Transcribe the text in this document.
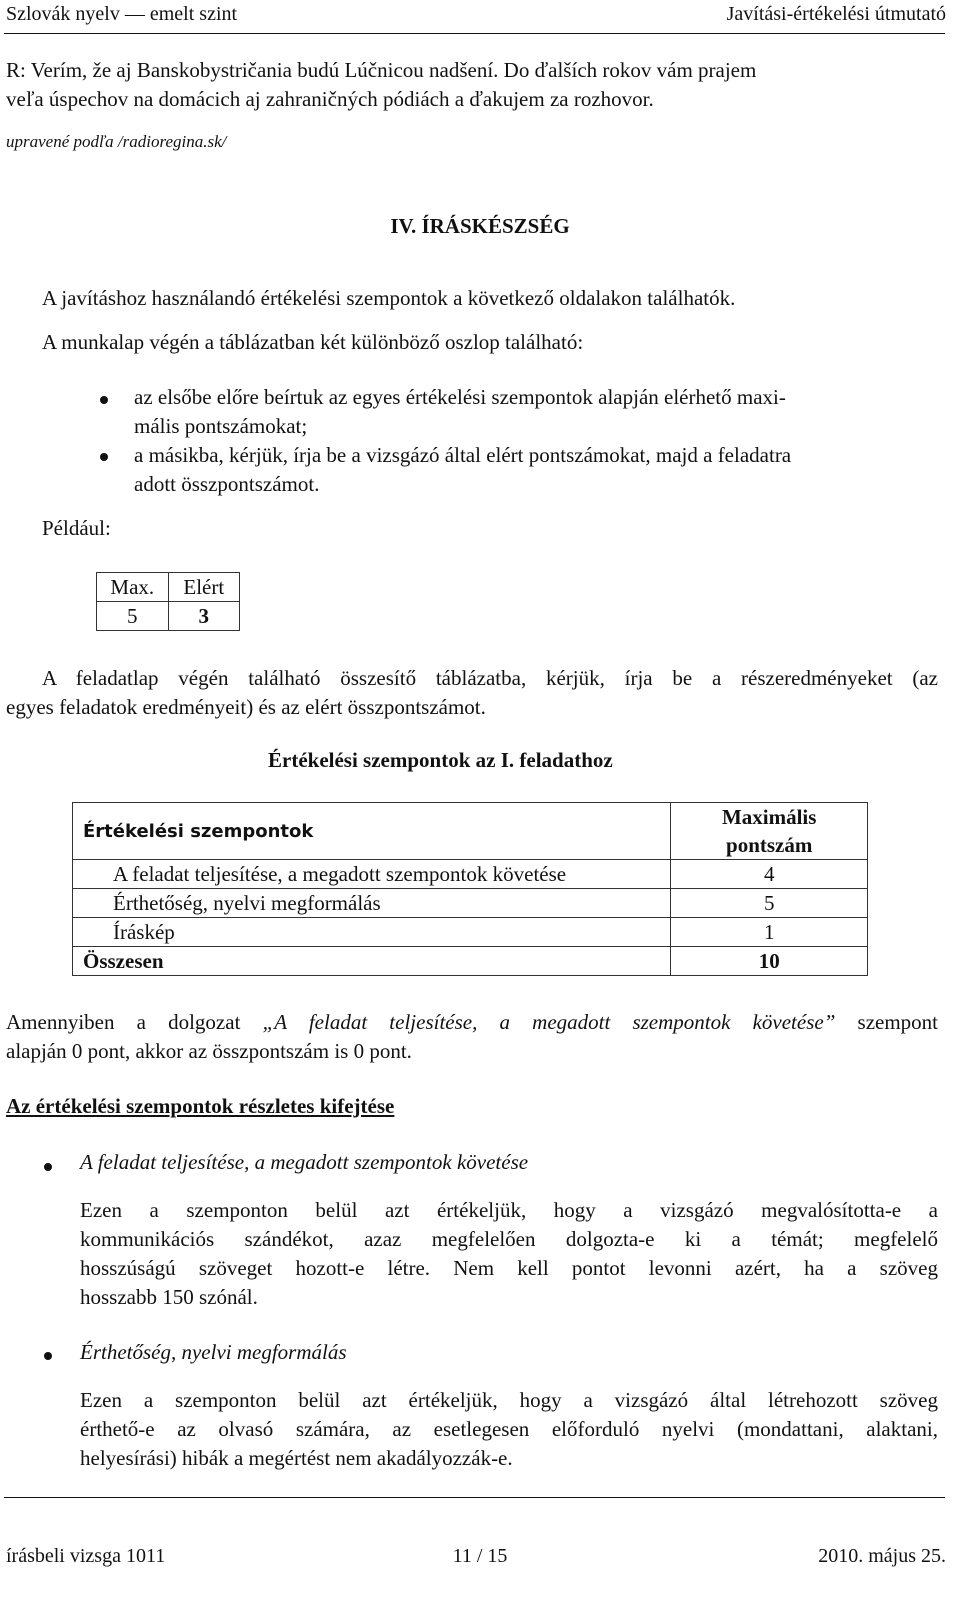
Szlovák nyelv — emelt szint	Javítási-értékelési útmutató
R: Verím, že aj Banskobystričania budú Lúčnicou nadšení. Do ďalších rokov vám prajem
veľa úspechov na domácich aj zahraničných pódiách a ďakujem za rozhovor.
upravené podľa /radioregina.sk/
IV. ÍRÁSKÉSZSÉG
A javításhoz használandó értékelési szempontok a következő oldalakon találhatók.
A munkalap végén a táblázatban két különböző oszlop található:
az elsőbe előre beírtuk az egyes értékelési szempontok alapján elérhető maxi-
mális pontszámokat;
a másikba, kérjük, írja be a vizsgázó által elért pontszámokat, majd a feladatra
adott összpontszámot.
Például:
Max.	Elért
5	3
A feladatlap végén található összesítő táblázatba, kérjük, írja be a részeredményeket (az
egyes feladatok eredményeit) és az elért összpontszámot.
Értékelési szempontok az I. feladathoz
Értékelési szempontok	Maximális
pontszám

A feladat teljesítése, a megadott szempontok követése	4
Érthetőség, nyelvi megformálás	5
Íráskép	1
Összesen	10
Amennyiben a dolgozat „A feladat teljesítése, a megadott szempontok követése” szempont
alapján 0 pont, akkor az összpontszám is 0 pont.
Az értékelési szempontok részletes kifejtése
A feladat teljesítése, a megadott szempontok követése
Ezen a szemponton belül azt értékeljük, hogy a vizsgázó megvalósította-e a
kommunikációs szándékot, azaz megfelelően dolgozta-e ki a témát; megfelelő
hosszúságú szöveget hozott-e létre. Nem kell pontot levonni azért, ha a szöveg
hosszabb 150 szónál.
Érthetőség, nyelvi megformálás
Ezen a szemponton belül azt értékeljük, hogy a vizsgázó által létrehozott szöveg
érthető-e az olvasó számára, az esetlegesen előforduló nyelvi (mondattani, alaktani,
helyesírási) hibák a megértést nem akadályozzák-e.
írásbeli vizsga 1011	11 / 15	2010. május 25.
